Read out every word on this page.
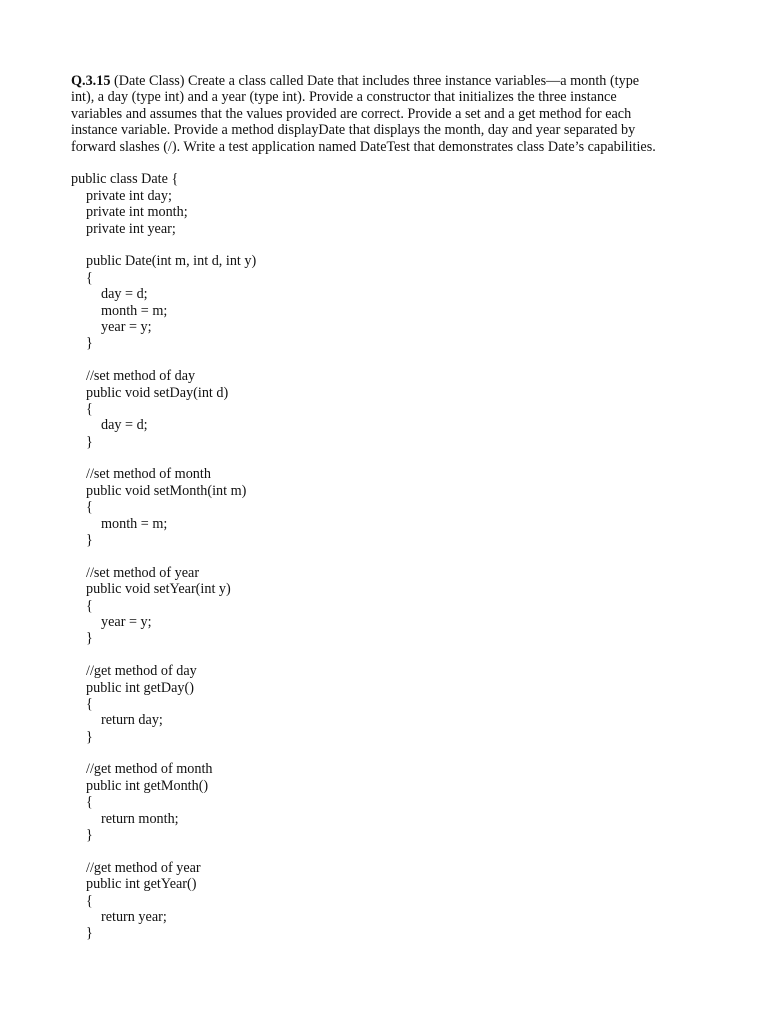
Q.3.15 (Date Class) Create a class called Date that includes three instance variables—a month (type
int), a day (type int) and a year (type int). Provide a constructor that initializes the three instance
variables and assumes that the values provided are correct. Provide a set and a get method for each
instance variable. Provide a method displayDate that displays the month, day and year separated by
forward slashes (/). Write a test application named DateTest that demonstrates class Date’s capabilities.

public class Date {
private int day;
private int month;
private int year;
public Date(int m, int d, int y)
{
day = d;
month = m;
year = y;
}
//set method of day
public void setDay(int d)
{
day = d;
}
//set method of month
public void setMonth(int m)
{
month = m;
}
//set method of year
public void setYear(int y)
{
year = y;
}
//get method of day
public int getDay()
{
return day;
}
//get method of month
public int getMonth()
{
return month;
}
//get method of year
public int getYear()
{
return year;
}
